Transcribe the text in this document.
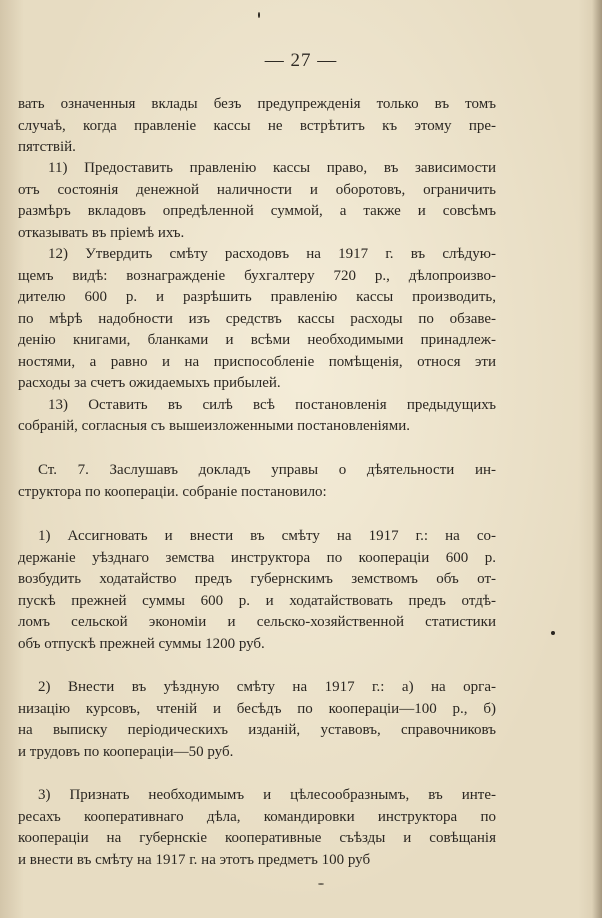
— 27 —
вать означенныя вклады безъ предупрежденія только въ томъ
случаѣ, когда правленіе кассы не встрѣтитъ къ этому пре-
пятствій.
11) Предоставить правленію кассы право, въ зависимости
отъ состоянія денежной наличности и оборотовъ, ограничить
размѣръ вкладовъ опредѣленной суммой, а также и совсѣмъ
отказывать въ пріемѣ ихъ.
12) Утвердить смѣту расходовъ на 1917 г. въ слѣдую-
щемъ видѣ: вознагражденіе бухгалтеру 720 р., дѣлопроизво-
дителю 600 р. и разрѣшить правленію кассы производить,
по мѣрѣ надобности изъ средствъ кассы расходы по обзаве-
денію книгами, бланками и всѣми необходимыми принадлеж-
ностями, а равно и на приспособленіе помѣщенія, относя эти
расходы за счетъ ожидаемыхъ прибылей.
13) Оставить въ силѣ всѣ постановленія предыдущихъ
собраній, согласныя съ вышеизложенными постановленіями.
Ст. 7. Заслушавъ докладъ управы о дѣятельности ин-
структора по коопераціи. собраніе постановило:
1) Ассигновать и внести въ смѣту на 1917 г.: на со-
держаніе уѣзднаго земства инструктора по коопераціи 600 р.
возбудить ходатайство предъ губернскимъ земствомъ объ от-
пускѣ прежней суммы 600 р. и ходатайствовать предъ отдѣ-
ломъ сельской экономіи и сельско-хозяйственной статистики
объ отпускѣ прежней суммы 1200 руб.
2) Внести въ уѣздную смѣту на 1917 г.: а) на орга-
низацію курсовъ, чтеній и бесѣдъ по коопераціи—100 р., б)
на выписку періодическихъ изданій, уставовъ, справочниковъ
и трудовъ по коопераціи—50 руб.
3) Признать необходимымъ и цѣлесообразнымъ, въ инте-
ресахъ кооперативнаго дѣла, командировки инструктора по
коопераціи на губернскіе кооперативные съѣзды и совѣщанія
и внести въ смѣту на 1917 г. на этотъ предметъ 100 руб
